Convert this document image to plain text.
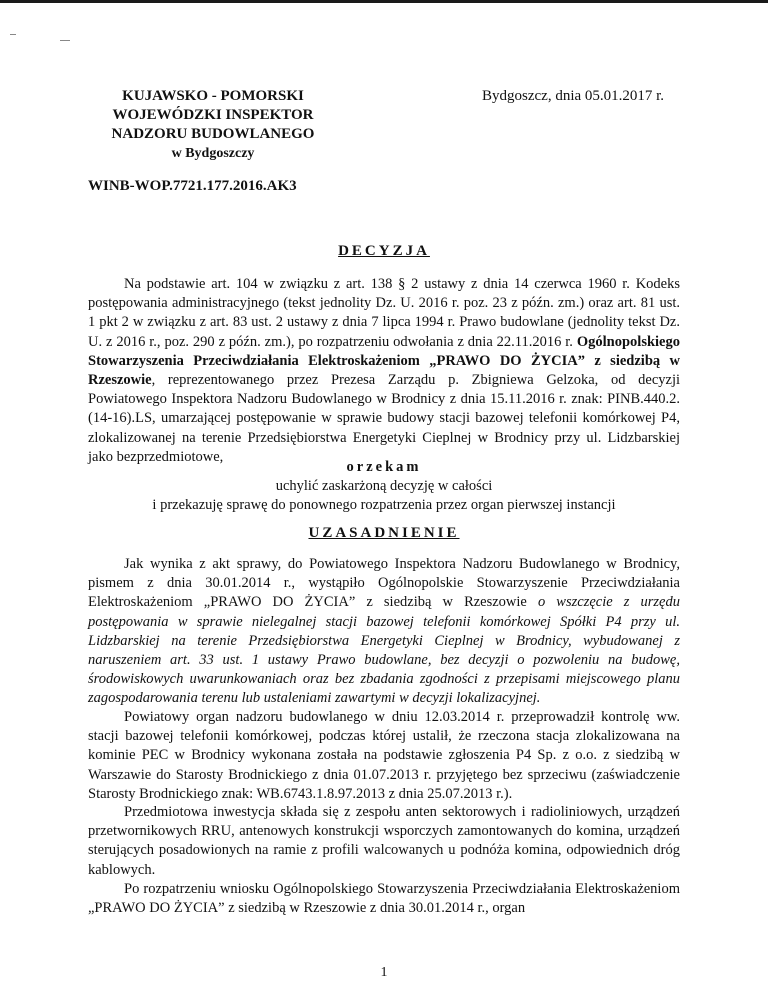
KUJAWSKO - POMORSKI
WOJEWÓDZKI INSPEKTOR
NADZORU BUDOWLANEGO
w Bydgoszczy
Bydgoszcz, dnia 05.01.2017 r.
WINB-WOP.7721.177.2016.AK3
DECYZJA

Na podstawie art. 104 w związku z art. 138 § 2 ustawy z dnia 14 czerwca 1960 r. Kodeks postępowania administracyjnego (tekst jednolity Dz. U. 2016 r. poz. 23 z późn. zm.) oraz art. 81 ust. 1 pkt 2 w związku z art. 83 ust. 2 ustawy z dnia 7 lipca 1994 r. Prawo budowlane (jednolity tekst Dz. U. z 2016 r., poz. 290 z późn. zm.), po rozpatrzeniu odwołania z dnia 22.11.2016 r. Ogólnopolskiego Stowarzyszenia Przeciwdziałania Elektroskażeniom „PRAWO DO ŻYCIA” z siedzibą w Rzeszowie, reprezentowanego przez Prezesa Zarządu p. Zbigniewa Gelzoka, od decyzji Powiatowego Inspektora Nadzoru Budowlanego w Brodnicy z dnia 15.11.2016 r. znak: PINB.440.2.(14-16).LS, umarzającej postępowanie w sprawie budowy stacji bazowej telefonii komórkowej P4, zlokalizowanej na terenie Przedsiębiorstwa Energetyki Cieplnej w Brodnicy przy ul. Lidzbarskiej jako bezprzedmiotowe,

orzekam
uchylić zaskarżoną decyzję w całości
i przekazuję sprawę do ponownego rozpatrzenia przez organ pierwszej instancji
UZASADNIENIE

Jak wynika z akt sprawy, do Powiatowego Inspektora Nadzoru Budowlanego w Brodnicy, pismem z dnia 30.01.2014 r., wystąpiło Ogólnopolskie Stowarzyszenie Przeciwdziałania Elektroskażeniom „PRAWO DO ŻYCIA” z siedzibą w Rzeszowie o wszczęcie z urzędu postępowania w sprawie nielegalnej stacji bazowej telefonii komórkowej Spółki P4 przy ul. Lidzbarskiej na terenie Przedsiębiorstwa Energetyki Cieplnej w Brodnicy, wybudowanej z naruszeniem art. 33 ust. 1 ustawy Prawo budowlane, bez decyzji o pozwoleniu na budowę, środowiskowych uwarunkowaniach oraz bez zbadania zgodności z przepisami miejscowego planu zagospodarowania terenu lub ustaleniami zawartymi w decyzji lokalizacyjnej.

Powiatowy organ nadzoru budowlanego w dniu 12.03.2014 r. przeprowadził kontrolę ww. stacji bazowej telefonii komórkowej, podczas której ustalił, że rzeczona stacja zlokalizowana na kominie PEC w Brodnicy wykonana została na podstawie zgłoszenia P4 Sp. z o.o. z siedzibą w Warszawie do Starosty Brodnickiego z dnia 01.07.2013 r. przyjętego bez sprzeciwu (zaświadczenie Starosty Brodnickiego znak: WB.6743.1.8.97.2013 z dnia 25.07.2013 r.).

Przedmiotowa inwestycja składa się z zespołu anten sektorowych i radioliniowych, urządzeń przetwornikowych RRU, antenowych konstrukcji wsporczych zamontowanych do komina, urządzeń sterujących posadowionych na ramie z profili walcowanych u podnóża komina, odpowiednich dróg kablowych.

Po rozpatrzeniu wniosku Ogólnopolskiego Stowarzyszenia Przeciwdziałania Elektroskażeniom „PRAWO DO ŻYCIA” z siedzibą w Rzeszowie z dnia 30.01.2014 r., organ

1
